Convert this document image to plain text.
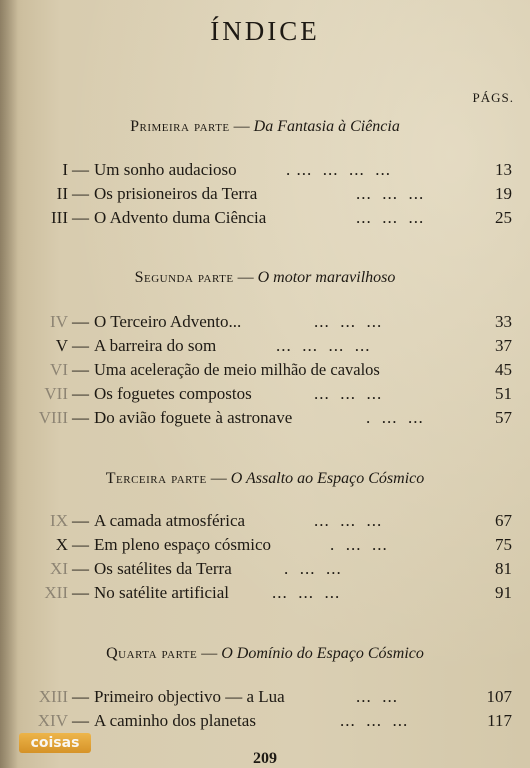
ÍNDICE
PÁGS.
Primeira parte — Da Fantasia à Ciência
I — Um sonho audacioso	. ...  ...  ...  ...	13
II — Os prisioneiros da Terra	...  ...  ...	19
III — O Advento duma Ciência	...  ...  ...	25
Segunda parte — O motor maravilhoso
IV — O Terceiro Advento...	...  ...  ...	33
V — A barreira do som	...  ...  ...  ...	37
VI — Uma aceleração de meio milhão de cavalos	45
VII — Os foguetes compostos	...  ...  ...	51
VIII — Do avião foguete à astronave	.  ...  ...	57
Terceira parte — O Assalto ao Espaço Cósmico
IX — A camada atmosférica	...  ...  ...	67
X — Em pleno espaço cósmico	.  ...  ...	75
XI — Os satélites da Terra	.  ...  ...	81
XII — No satélite artificial	...  ...  ...	91
Quarta parte — O Domínio do Espaço Cósmico
XIII — Primeiro objectivo — a Lua	...  ...	107
XIV — A caminho dos planetas	...  ...  ...	117
coisas
209
